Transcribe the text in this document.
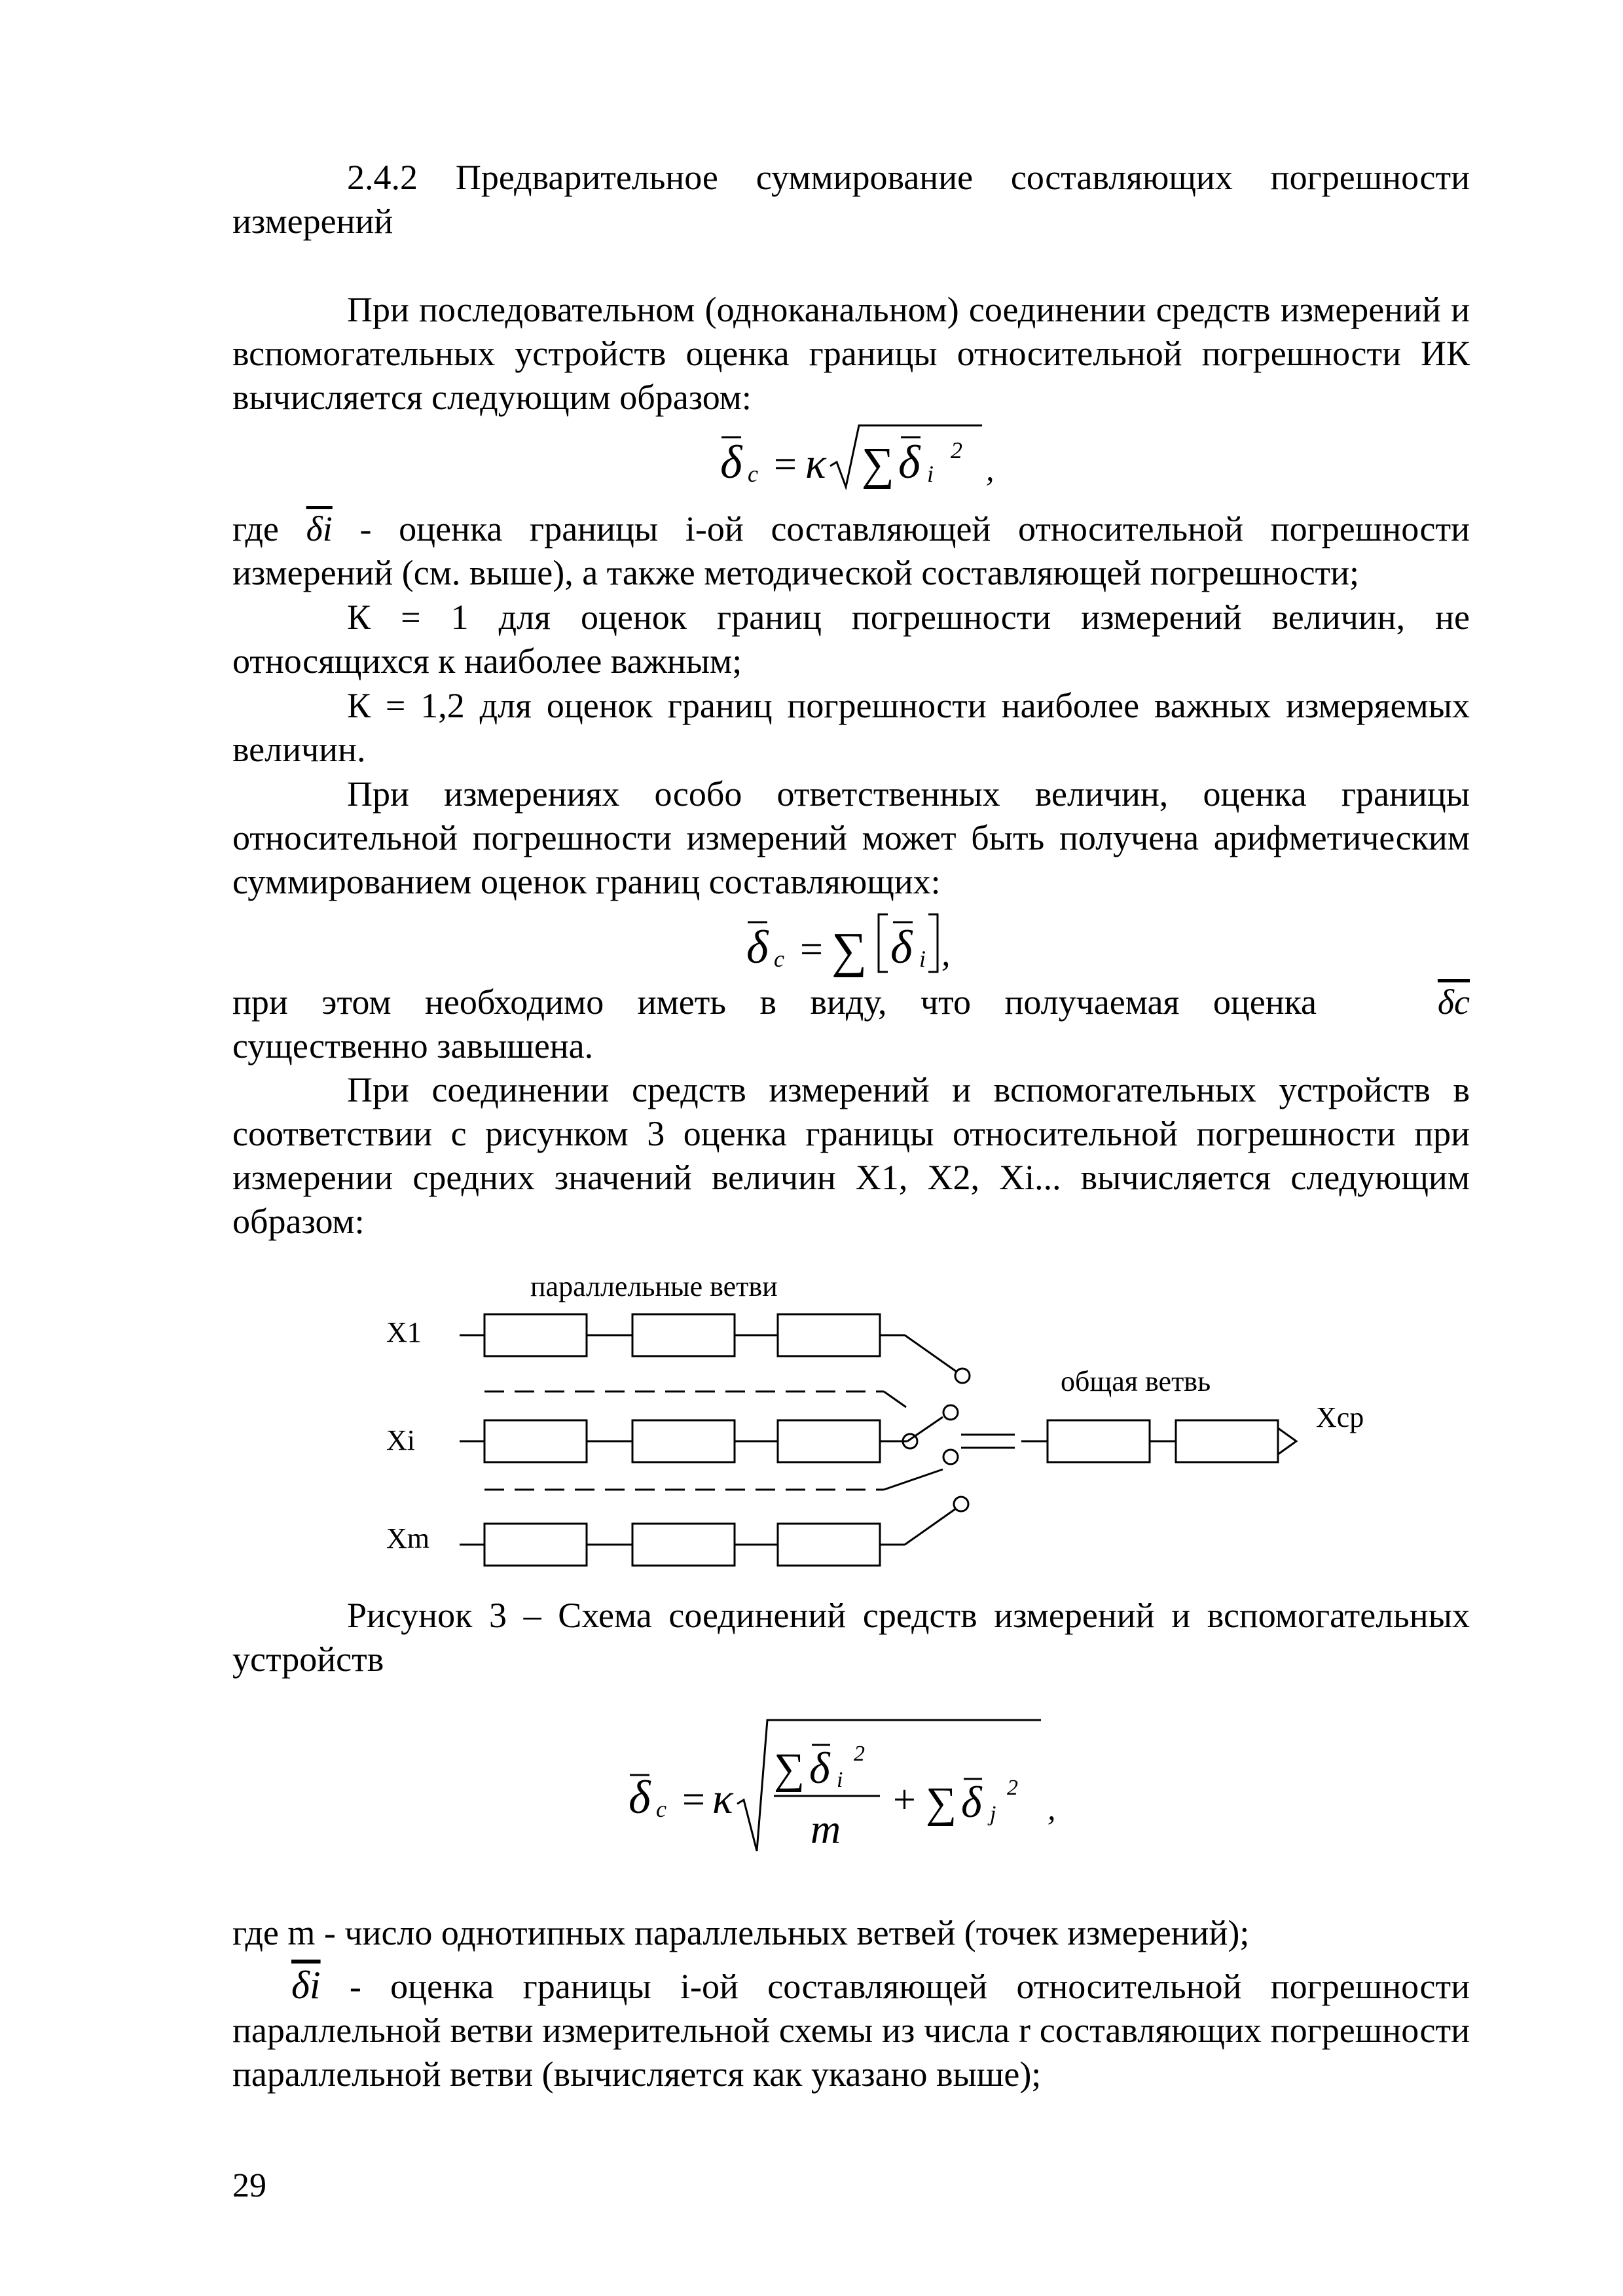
2.4.2 Предварительное суммирование составляющих погрешности измерений

При последовательном (одноканальном) соединении средств измерений и вспомогательных устройств оценка границы относительной погрешности ИК вычисляется следующим образом:

δ c = κ ∑ δ i
2
,

где $\overline{\delta i}$ - оценка границы i-ой составляющей относительной погрешности измерений (см. выше), а также методической составляющей погрешности;

К = 1 для оценок границ погрешности измерений величин, не относящихся к наиболее важным;

К = 1,2 для оценок границ погрешности наиболее важных измеряемых величин.

При измерениях особо ответственных величин, оценка границы относительной погрешности измерений может быть получена арифметическим суммированием оценок границ составляющих:

δ c = ∑ δ i ,

при этом необходимо иметь в виду, что получаемая оценка	$\overline{\delta c}$

существенно завышена.

При соединении средств измерений и вспомогательных устройств в соответствии с рисунком 3 оценка границы относительной погрешности при измерении средних значений величин X1, X2, Xi... вычисляется следующим образом:

параллельные ветви
общая ветвь
X1
Xi
Xm
Xср

Рисунок 3 – Схема соединений средств измерений и вспомогательных устройств

δ c = κ
∑ δ i
2
m
+ ∑ δ j
2
,

где m - число однотипных параллельных ветвей (точек измерений);

$\overline{\delta i}$ - оценка границы i-ой составляющей относительной погрешности параллельной ветви измерительной схемы из числа r составляющих погрешности параллельной ветви (вычисляется как указано выше);

29
